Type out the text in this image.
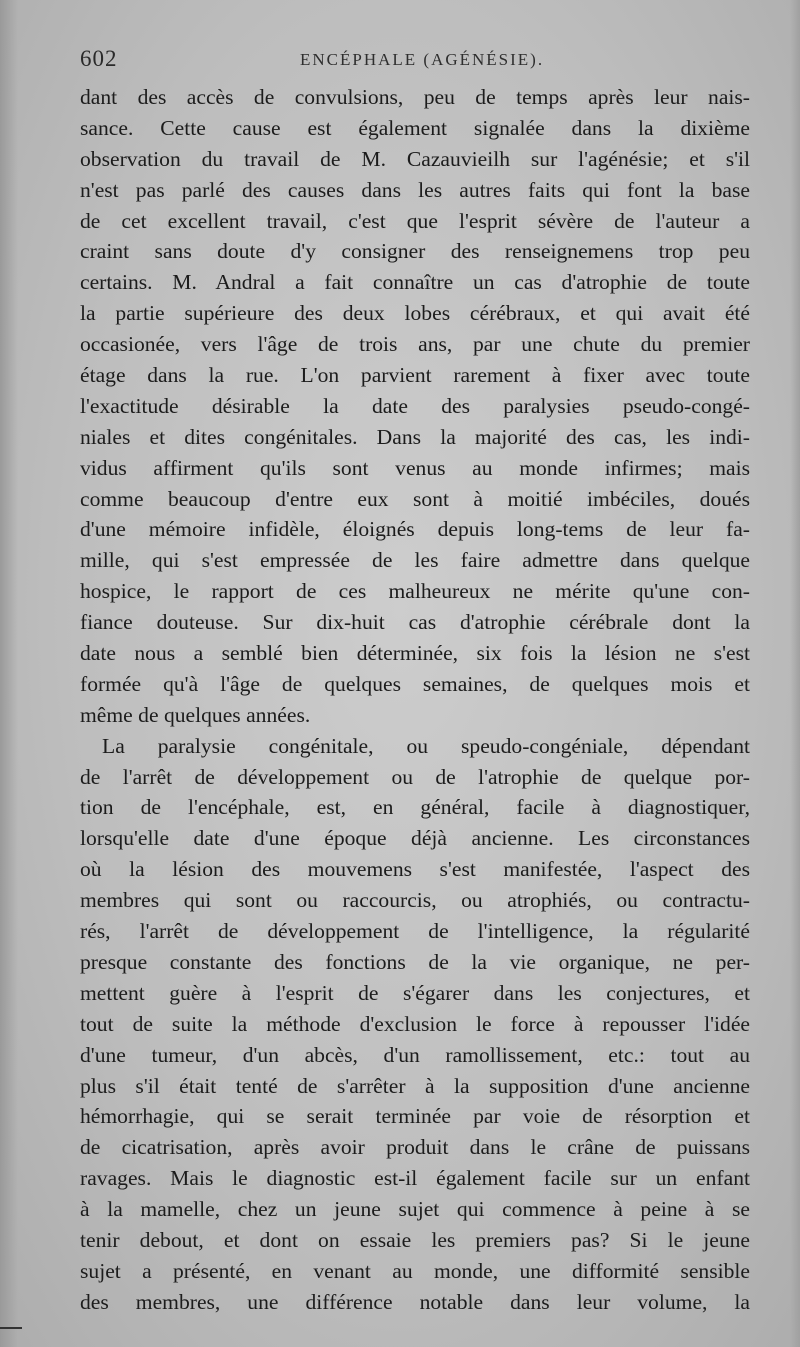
602	ENCÉPHALE (AGÉNÉSIE).
dant des accès de convulsions, peu de temps après leur nais-
sance. Cette cause est également signalée dans la dixième
observation du travail de M. Cazauvieilh sur l'agénésie; et s'il
n'est pas parlé des causes dans les autres faits qui font la base
de cet excellent travail, c'est que l'esprit sévère de l'auteur a
craint sans doute d'y consigner des renseignemens trop peu
certains. M. Andral a fait connaître un cas d'atrophie de toute
la partie supérieure des deux lobes cérébraux, et qui avait été
occasionée, vers l'âge de trois ans, par une chute du premier
étage dans la rue. L'on parvient rarement à fixer avec toute
l'exactitude désirable la date des paralysies pseudo-congé-
niales et dites congénitales. Dans la majorité des cas, les indi-
vidus affirment qu'ils sont venus au monde infirmes; mais
comme beaucoup d'entre eux sont à moitié imbéciles, doués
d'une mémoire infidèle, éloignés depuis long-tems de leur fa-
mille, qui s'est empressée de les faire admettre dans quelque
hospice, le rapport de ces malheureux ne mérite qu'une con-
fiance douteuse. Sur dix-huit cas d'atrophie cérébrale dont la
date nous a semblé bien déterminée, six fois la lésion ne s'est
formée qu'à l'âge de quelques semaines, de quelques mois et
même de quelques années.
La paralysie congénitale, ou speudo-congéniale, dépendant
de l'arrêt de développement ou de l'atrophie de quelque por-
tion de l'encéphale, est, en général, facile à diagnostiquer,
lorsqu'elle date d'une époque déjà ancienne. Les circonstances
où la lésion des mouvemens s'est manifestée, l'aspect des
membres qui sont ou raccourcis, ou atrophiés, ou contractu-
rés, l'arrêt de développement de l'intelligence, la régularité
presque constante des fonctions de la vie organique, ne per-
mettent guère à l'esprit de s'égarer dans les conjectures, et
tout de suite la méthode d'exclusion le force à repousser l'idée
d'une tumeur, d'un abcès, d'un ramollissement, etc.: tout au
plus s'il était tenté de s'arrêter à la supposition d'une ancienne
hémorrhagie, qui se serait terminée par voie de résorption et
de cicatrisation, après avoir produit dans le crâne de puissans
ravages. Mais le diagnostic est-il également facile sur un enfant
à la mamelle, chez un jeune sujet qui commence à peine à se
tenir debout, et dont on essaie les premiers pas? Si le jeune
sujet a présenté, en venant au monde, une difformité sensible
des membres, une différence notable dans leur volume, la
